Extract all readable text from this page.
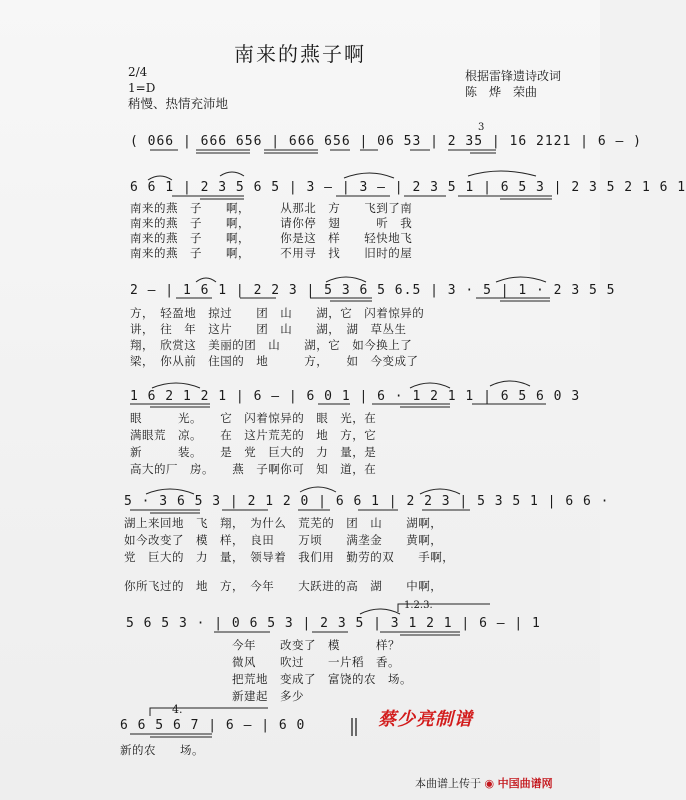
南来的燕子啊
2/4
1=D
稍慢、热情充沛地
根据雷锋遗诗改词
陈　烨　荣曲
( 066 | 666 656 | 666 656 | 06 53 | 2 35 | 16 2121 | 6 — )
3
6 6 1 | 2 3 5 6 5 | 3 — | 3 — | 2 3 5 1 | 6 5 3 | 2 3 5 2 1 6 1
南来的燕　子　　啊，　　　从那北　方　　飞到了南
南来的燕　子　　啊，　　　请你停　翅　　　听　我
南来的燕　子　　啊，　　　你是这　样　　轻快地飞
南来的燕　子　　啊，　　　不用寻　找　　旧时的屋
2 — | 1 6 1 | 2 2 3 | 5 3 6 5 6.5 | 3 · 5 | 1 · 2 3 5 5
方，　轻盈地　掠过　　团　山　　湖，它　闪着惊异的
讲，　往　年　这片　　团　山　　湖，　湖　草丛生
翔，　欣赏这　美丽的团　山　　湖，它　如今换上了
梁，　你从前　住国的　地　　　方，　　如　今变成了
1 6 2 1 2 1 | 6 — | 6 0 1 | 6 · 1 2 1 1 | 6 5 6 0 3
眼　　　光。　　它　闪着惊异的　眼　光，在
满眼荒　凉。　　在　这片荒芜的　地　方，它
新　　　装。　　是　党　巨大的　力　量，是
高大的厂　房。　　燕　子啊你可　知　道，在
5 · 3 6 5 3 | 2 1 2 0 | 6 6 1 | 2 2 3 | 5 3 5 1 | 6 6 ·
湖上来回地　飞　翔，　为什么　荒芜的　团　山　　湖啊，
如今改变了　模　样，　良田　　万顷　　满垄金　　黄啊，
党　巨大的　力　量，　领导着　我们用　勤劳的双　　手啊，
你所飞过的　地　方，　今年　　大跃进的高　湖　　中啊，
1.2.3.
5 6 5 3 · | 0 6 5 3 | 2 3 5 | 3 1 2 1 | 6 — | 1
今年　　改变了　模　　　样？
微风　　吹过　　一片稻　香。
把荒地　变成了　富饶的农　场。
新建起　多少
4.
6 6 5 6 7 | 6 — | 6 0
新的农　　场。
蔡少亮制谱
本曲谱上传于 ◉ 中国曲谱网
